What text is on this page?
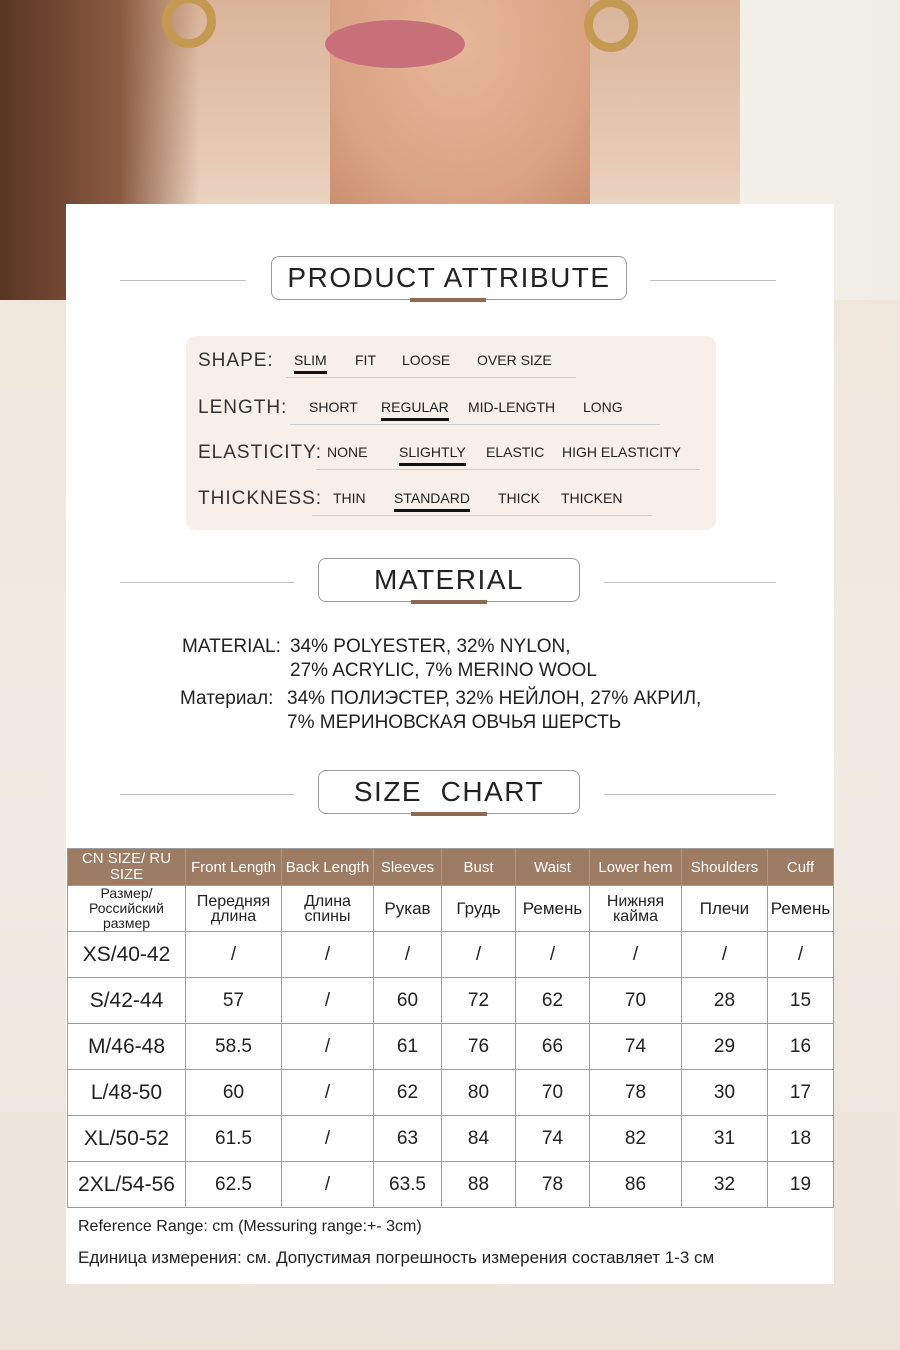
PRODUCT ATTRIBUTE
SHAPE: SLIM FIT LOOSE OVER SIZE
LENGTH: SHORT REGULAR MID-LENGTH LONG
ELASTICITY: NONE SLIGHTLY ELASTIC HIGH ELASTICITY
THICKNESS: THIN STANDARD THICK THICKEN
MATERIAL
MATERIAL: 34% POLYESTER, 32% NYLON,
27% ACRYLIC, 7% MERINO WOOL
Материал: 34% ПОЛИЭСТЕР, 32% НЕЙЛОН, 27% АКРИЛ,
7% МЕРИНОВСКАЯ ОВЧЬЯ ШЕРСТЬ
SIZE  CHART
CN SIZE/ RU SIZE	Front Length	Back Length	Sleeves	Bust	Waist	Lower hem	Shoulders	Cuff
Размер/ Российский размер	Передняя длина	Длина спины	Рукав	Грудь	Ремень	Нижняя кайма	Плечи	Ремень
XS/40-42	/	/	/	/	/	/	/	/
S/42-44	57	/	60	72	62	70	28	15
M/46-48	58.5	/	61	76	66	74	29	16
L/48-50	60	/	62	80	70	78	30	17
XL/50-52	61.5	/	63	84	74	82	31	18
2XL/54-56	62.5	/	63.5	88	78	86	32	19
Reference Range: cm (Messuring range:+- 3cm)
Единица измерения: см. Допустимая погрешность измерения составляет 1-3 см
